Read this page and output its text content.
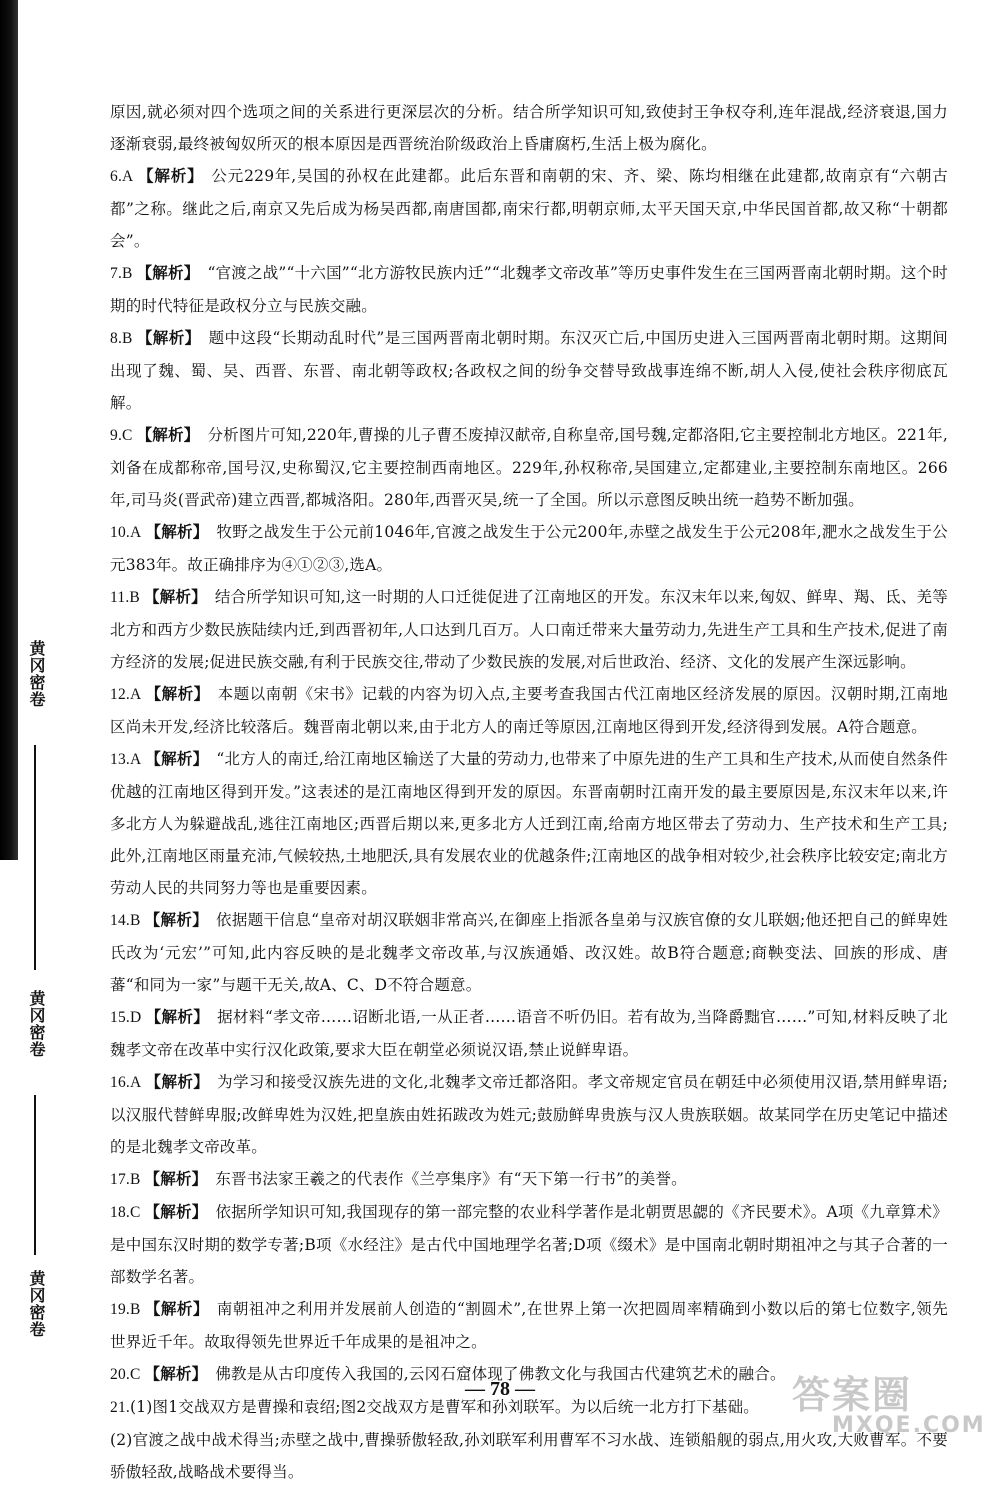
黄冈密卷
黄冈密卷
黄冈密卷

原因,就必须对四个选项之间的关系进行更深层次的分析。结合所学知识可知,致使封王争权夺利,连年混战,经济衰退,国力逐渐衰弱,最终被匈奴所灭的根本原因是西晋统治阶级政治上昏庸腐朽,生活上极为腐化。

6.A 【解析】 公元229年,吴国的孙权在此建都。此后东晋和南朝的宋、齐、梁、陈均相继在此建都,故南京有“六朝古都”之称。继此之后,南京又先后成为杨吴西都,南唐国都,南宋行都,明朝京师,太平天国天京,中华民国首都,故又称“十朝都会”。

7.B 【解析】 “官渡之战”“十六国”“北方游牧民族内迁”“北魏孝文帝改革”等历史事件发生在三国两晋南北朝时期。这个时期的时代特征是政权分立与民族交融。

8.B 【解析】 题中这段“长期动乱时代”是三国两晋南北朝时期。东汉灭亡后,中国历史进入三国两晋南北朝时期。这期间出现了魏、蜀、吴、西晋、东晋、南北朝等政权;各政权之间的纷争交替导致战事连绵不断,胡人入侵,使社会秩序彻底瓦解。

9.C 【解析】 分析图片可知,220年,曹操的儿子曹丕废掉汉献帝,自称皇帝,国号魏,定都洛阳,它主要控制北方地区。221年,刘备在成都称帝,国号汉,史称蜀汉,它主要控制西南地区。229年,孙权称帝,吴国建立,定都建业,主要控制东南地区。266年,司马炎(晋武帝)建立西晋,都城洛阳。280年,西晋灭吴,统一了全国。所以示意图反映出统一趋势不断加强。

10.A 【解析】 牧野之战发生于公元前1046年,官渡之战发生于公元200年,赤壁之战发生于公元208年,淝水之战发生于公元383年。故正确排序为④①②③,选A。

11.B 【解析】 结合所学知识可知,这一时期的人口迁徙促进了江南地区的开发。东汉末年以来,匈奴、鲜卑、羯、氐、羌等北方和西方少数民族陆续内迁,到西晋初年,人口达到几百万。人口南迁带来大量劳动力,先进生产工具和生产技术,促进了南方经济的发展;促进民族交融,有利于民族交往,带动了少数民族的发展,对后世政治、经济、文化的发展产生深远影响。

12.A 【解析】 本题以南朝《宋书》记载的内容为切入点,主要考查我国古代江南地区经济发展的原因。汉朝时期,江南地区尚未开发,经济比较落后。魏晋南北朝以来,由于北方人的南迁等原因,江南地区得到开发,经济得到发展。A符合题意。

13.A 【解析】 “北方人的南迁,给江南地区输送了大量的劳动力,也带来了中原先进的生产工具和生产技术,从而使自然条件优越的江南地区得到开发。”这表述的是江南地区得到开发的原因。东晋南朝时江南开发的最主要原因是,东汉末年以来,许多北方人为躲避战乱,逃往江南地区;西晋后期以来,更多北方人迁到江南,给南方地区带去了劳动力、生产技术和生产工具;此外,江南地区雨量充沛,气候较热,土地肥沃,具有发展农业的优越条件;江南地区的战争相对较少,社会秩序比较安定;南北方劳动人民的共同努力等也是重要因素。

14.B 【解析】 依据题干信息“皇帝对胡汉联姻非常高兴,在御座上指派各皇弟与汉族官僚的女儿联姻;他还把自己的鲜卑姓氏改为‘元宏’”可知,此内容反映的是北魏孝文帝改革,与汉族通婚、改汉姓。故B符合题意;商鞅变法、回族的形成、唐蕃“和同为一家”与题干无关,故A、C、D不符合题意。

15.D 【解析】 据材料“孝文帝……诏断北语,一从正者……语音不听仍旧。若有故为,当降爵黜官……”可知,材料反映了北魏孝文帝在改革中实行汉化政策,要求大臣在朝堂必须说汉语,禁止说鲜卑语。

16.A 【解析】 为学习和接受汉族先进的文化,北魏孝文帝迁都洛阳。孝文帝规定官员在朝廷中必须使用汉语,禁用鲜卑语;以汉服代替鲜卑服;改鲜卑姓为汉姓,把皇族由姓拓跋改为姓元;鼓励鲜卑贵族与汉人贵族联姻。故某同学在历史笔记中描述的是北魏孝文帝改革。

17.B 【解析】 东晋书法家王羲之的代表作《兰亭集序》有“天下第一行书”的美誉。

18.C 【解析】 依据所学知识可知,我国现存的第一部完整的农业科学著作是北朝贾思勰的《齐民要术》。A项《九章算术》是中国东汉时期的数学专著;B项《水经注》是古代中国地理学名著;D项《缀术》是中国南北朝时期祖冲之与其子合著的一部数学名著。

19.B 【解析】 南朝祖冲之利用并发展前人创造的“割圆术”,在世界上第一次把圆周率精确到小数以后的第七位数字,领先世界近千年。故取得领先世界近千年成果的是祖冲之。

20.C 【解析】 佛教是从古印度传入我国的,云冈石窟体现了佛教文化与我国古代建筑艺术的融合。

21.(1)图1交战双方是曹操和袁绍;图2交战双方是曹军和孙刘联军。为以后统一北方打下基础。

(2)官渡之战中战术得当;赤壁之战中,曹操骄傲轻敌,孙刘联军利用曹军不习水战、连锁船舰的弱点,用火攻,大败曹军。不要骄傲轻敌,战略战术要得当。

— 78 —	答案圈
MXQE.COM
